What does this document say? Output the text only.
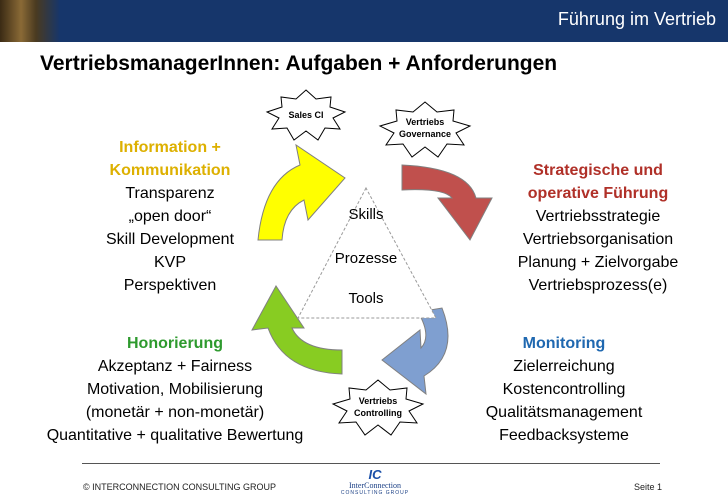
Führung im Vertrieb
VertriebsmanagerInnen: Aufgaben + Anforderungen
Skills
Prozesse
Tools
Sales CI
Vertriebs
Governance
Vertriebs
Controlling
Information +
Kommunikation
Transparenz
„open door“
Skill Development
KVP
Perspektiven
Strategische und
operative Führung
Vertriebsstrategie
Vertriebsorganisation
Planung + Zielvorgabe
Vertriebsprozess(e)
Honorierung
Akzeptanz + Fairness
Motivation, Mobilisierung
(monetär + non-monetär)
Quantitative + qualitative Bewertung
Monitoring
Zielerreichung
Kostencontrolling
Qualitätsmanagement
Feedbacksysteme
© INTERCONNECTION CONSULTING GROUP
IC
InterConnection
CONSULTING GROUP
Seite 1
